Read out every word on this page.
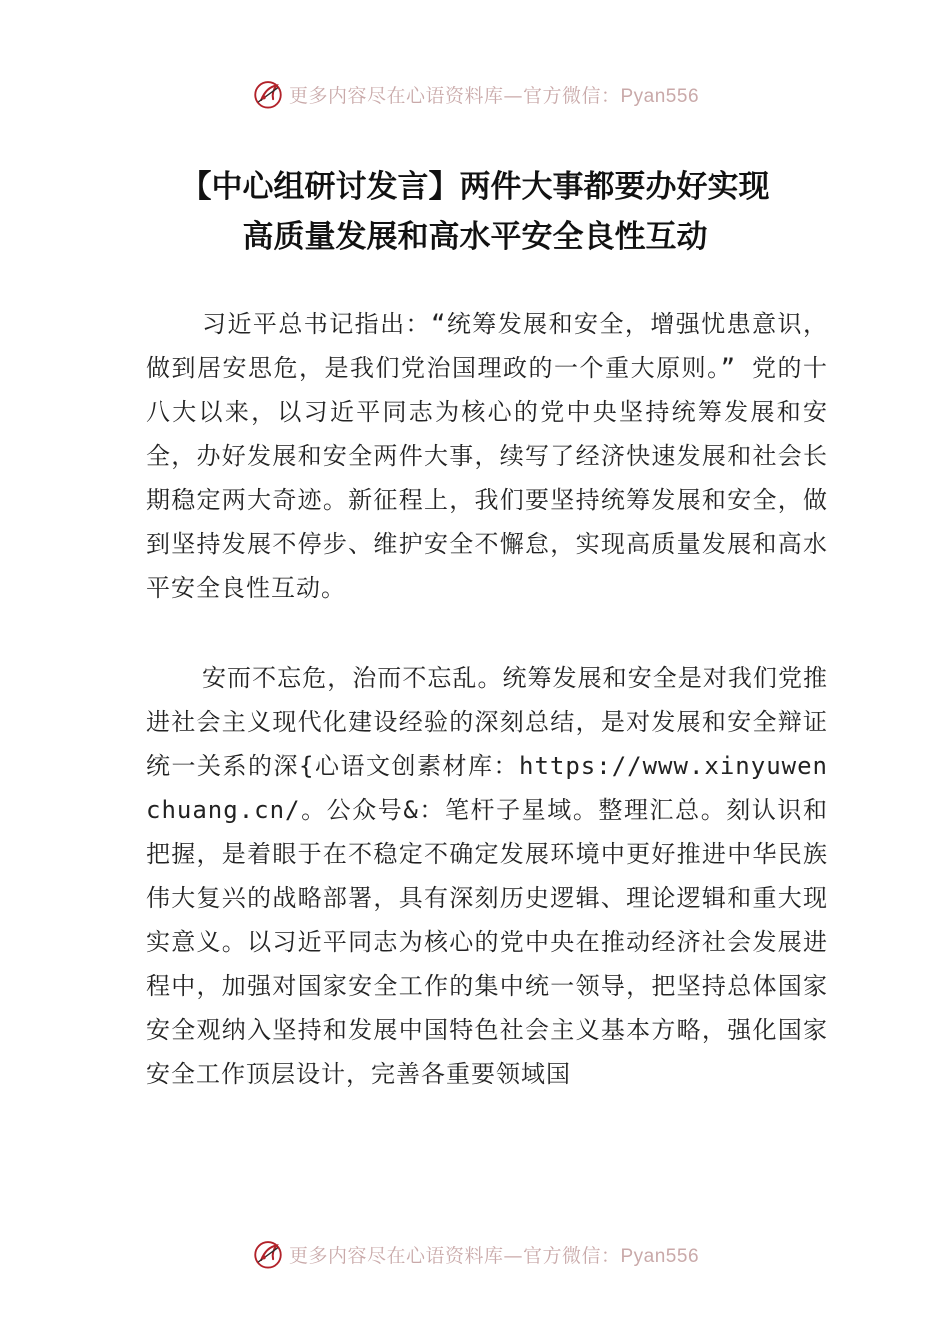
更多内容尽在心语资料库—官方微信：Pyan556
【中心组研讨发言】两件大事都要办好实现
高质量发展和高水平安全良性互动

习近平总书记指出：“统筹发展和安全，增强忧患意识，做到居安思危，是我们党治国理政的一个重大原则。” 党的十八大以来，以习近平同志为核心的党中央坚持统筹发展和安全，办好发展和安全两件大事，续写了经济快速发展和社会长期稳定两大奇迹。新征程上，我们要坚持统筹发展和安全，做到坚持发展不停步、维护安全不懈怠，实现高质量发展和高水平安全良性互动。

安而不忘危，治而不忘乱。统筹发展和安全是对我们党推进社会主义现代化建设经验的深刻总结，是对发展和安全辩证统一关系的深{心语文创素材库：https://www.xinyuwenchuang.cn/。公众号&：笔杆子星域。整理汇总。刻认识和把握，是着眼于在不稳定不确定发展环境中更好推进中华民族伟大复兴的战略部署，具有深刻历史逻辑、理论逻辑和重大现实意义。以习近平同志为核心的党中央在推动经济社会发展进程中，加强对国家安全工作的集中统一领导，把坚持总体国家安全观纳入坚持和发展中国特色社会主义基本方略，强化国家安全工作顶层设计，完善各重要领域国

更多内容尽在心语资料库—官方微信：Pyan556
